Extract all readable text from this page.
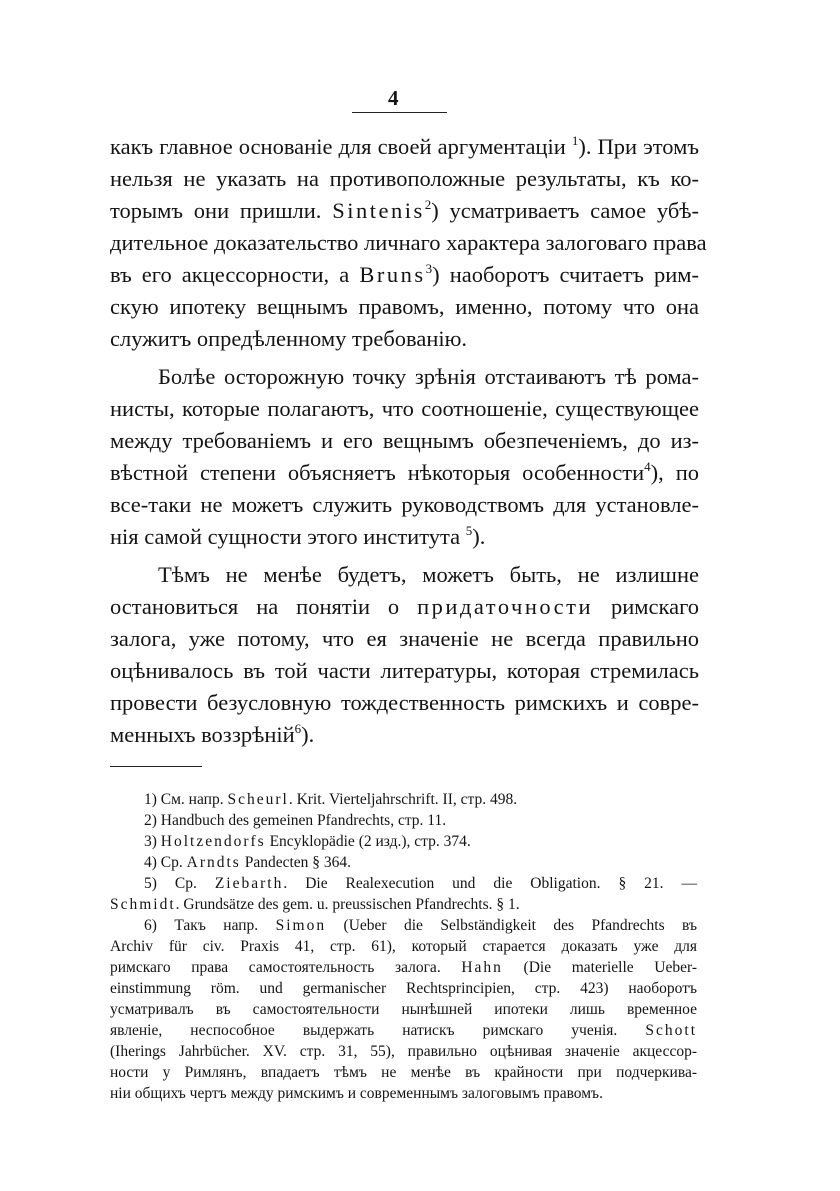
4
какъ главное основанiе для своей аргументацiи $^1$). При этомъ
нельзя не указать на противоположные результаты, къ ко-
торымъ они пришли. Sintenis$^2$) усматриваетъ самое убѣ-
дительное доказательство личнаго характера залоговаго права
въ его акцессорности, а Bruns$^3$) наоборотъ считаетъ рим-
скую ипотеку вещнымъ правомъ, именно, потому что она
служитъ опредѣленному требованiю.
Болѣе осторожную точку зрѣнiя отстаиваютъ тѣ рома-
нисты, которые полагаютъ, что соотношенiе, существующее
между требованiемъ и его вещнымъ обезпеченiемъ, до из-
вѣстной степени объясняетъ нѣкоторыя особенности$^4$), по
все-таки не можетъ служить руководствомъ для установле-
нiя самой сущности этого института $^5$).
Тѣмъ не менѣе будетъ, можетъ быть, не излишне
остановиться на понятiи о придаточности римскаго
залога, уже потому, что ея значенiе не всегда правильно
оцѣнивалось въ той части литературы, которая стремилась
провести безусловную тождественность римскихъ и совре-
менныхъ воззрѣнiй$^6$).
1) См. напр. Scheurl. Krit. Vierteljahrschrift. II, стр. 498.
2) Handbuch des gemeinen Pfandrechts, стр. 11.
3) Holtzendorfs Encyklopädie (2 изд.), стр. 374.
4) Ср. Arndts Pandecten § 364.
5) Ср. Ziebarth. Die Realexecution und die Obligation. § 21. —
Schmidt. Grundsätze des gem. u. preussischen Pfandrechts. § 1.
6) Такъ напр. Simon (Ueber die Selbständigkeit des Pfandrechts въ
Archiv für civ. Praxis 41, стр. 61), который старается доказать уже для
римскаго права самостоятельность залога. Hahn (Die materielle Ueber-
einstimmung röm. und germanischer Rechtsprincipien, стр. 423) наоборотъ
усматривалъ въ самостоятельности нынѣшней ипотеки лишь временное
явленiе, неспособное выдержать натискъ римскаго ученiя. Schott
(Iherings Jahrbücher. XV. стр. 31, 55), правильно оцѣнивая значенiе акцессор-
ности у Римлянъ, впадаетъ тѣмъ не менѣе въ крайности при подчеркива-
нiи общихъ чертъ между римскимъ и современнымъ залоговымъ правомъ.
